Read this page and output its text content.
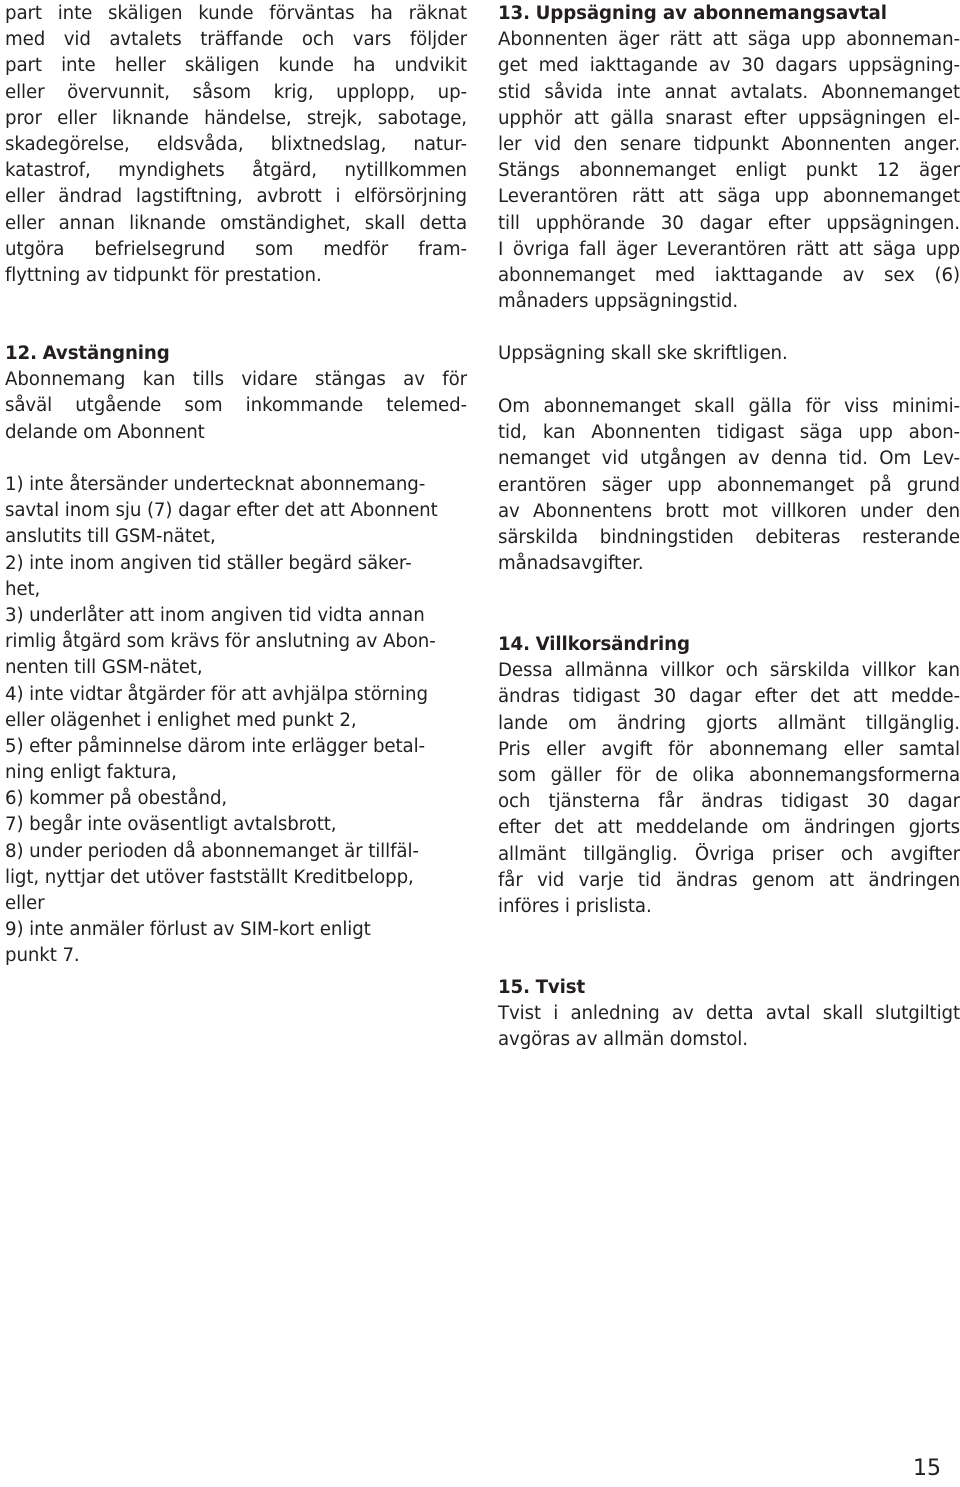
part inte skäligen kunde förväntas ha räknat
med vid avtalets träffande och vars följder
part inte heller skäligen kunde ha undvikit
eller övervunnit, såsom krig, upplopp, up-
pror eller liknande händelse, strejk, sabotage,
skadegörelse, eldsvåda, blixtnedslag, natur-
katastrof, myndighets åtgärd, nytillkommen
eller ändrad lagstiftning, avbrott i elförsörjning
eller annan liknande omständighet, skall detta
utgöra befrielsegrund som medför fram-
flyttning av tidpunkt för prestation.
12. Avstängning
Abonnemang kan tills vidare stängas av för
såväl utgående som inkommande telemed-
delande om Abonnent
1) inte återsänder undertecknat abonnemang-
savtal inom sju (7) dagar efter det att Abonnent
anslutits till GSM-nätet,
2) inte inom angiven tid ställer begärd säker-
het,
3) underlåter att inom angiven tid vidta annan
rimlig åtgärd som krävs för anslutning av Abon-
nenten till GSM-nätet,
4) inte vidtar åtgärder för att avhjälpa störning
eller olägenhet i enlighet med punkt 2,
5) efter påminnelse därom inte erlägger betal-
ning enligt faktura,
6) kommer på obestånd,
7) begår inte oväsentligt avtalsbrott,
8) under perioden då abonnemanget är tillfäl-
ligt, nyttjar det utöver fastställt Kreditbelopp,
eller
9) inte anmäler förlust av SIM-kort enligt
punkt 7.
13. Uppsägning av abonnemangsavtal
Abonnenten äger rätt att säga upp abonneman-
get med iakttagande av 30 dagars uppsägning-
stid såvida inte annat avtalats. Abonnemanget
upphör att gälla snarast efter uppsägningen el-
ler vid den senare tidpunkt Abonnenten anger.
Stängs abonnemanget enligt punkt 12 äger
Leverantören rätt att säga upp abonnemanget
till upphörande 30 dagar efter uppsägningen.
I övriga fall äger Leverantören rätt att säga upp
abonnemanget med iakttagande av sex (6)
månaders uppsägningstid.
Uppsägning skall ske skriftligen.
Om abonnemanget skall gälla för viss minimi-
tid, kan Abonnenten tidigast säga upp abon-
nemanget vid utgången av denna tid. Om Lev-
erantören säger upp abonnemanget på grund
av Abonnentens brott mot villkoren under den
särskilda bindningstiden debiteras resterande
månadsavgifter.
14. Villkorsändring
Dessa allmänna villkor och särskilda villkor kan
ändras tidigast 30 dagar efter det att medde-
lande om ändring gjorts allmänt tillgänglig.
Pris eller avgift för abonnemang eller samtal
som gäller för de olika abonnemangsformerna
och tjänsterna får ändras tidigast 30 dagar
efter det att meddelande om ändringen gjorts
allmänt tillgänglig. Övriga priser och avgifter
får vid varje tid ändras genom att ändringen
införes i prislista.
15. Tvist
Tvist i anledning av detta avtal skall slutgiltigt
avgöras av allmän domstol.
15
